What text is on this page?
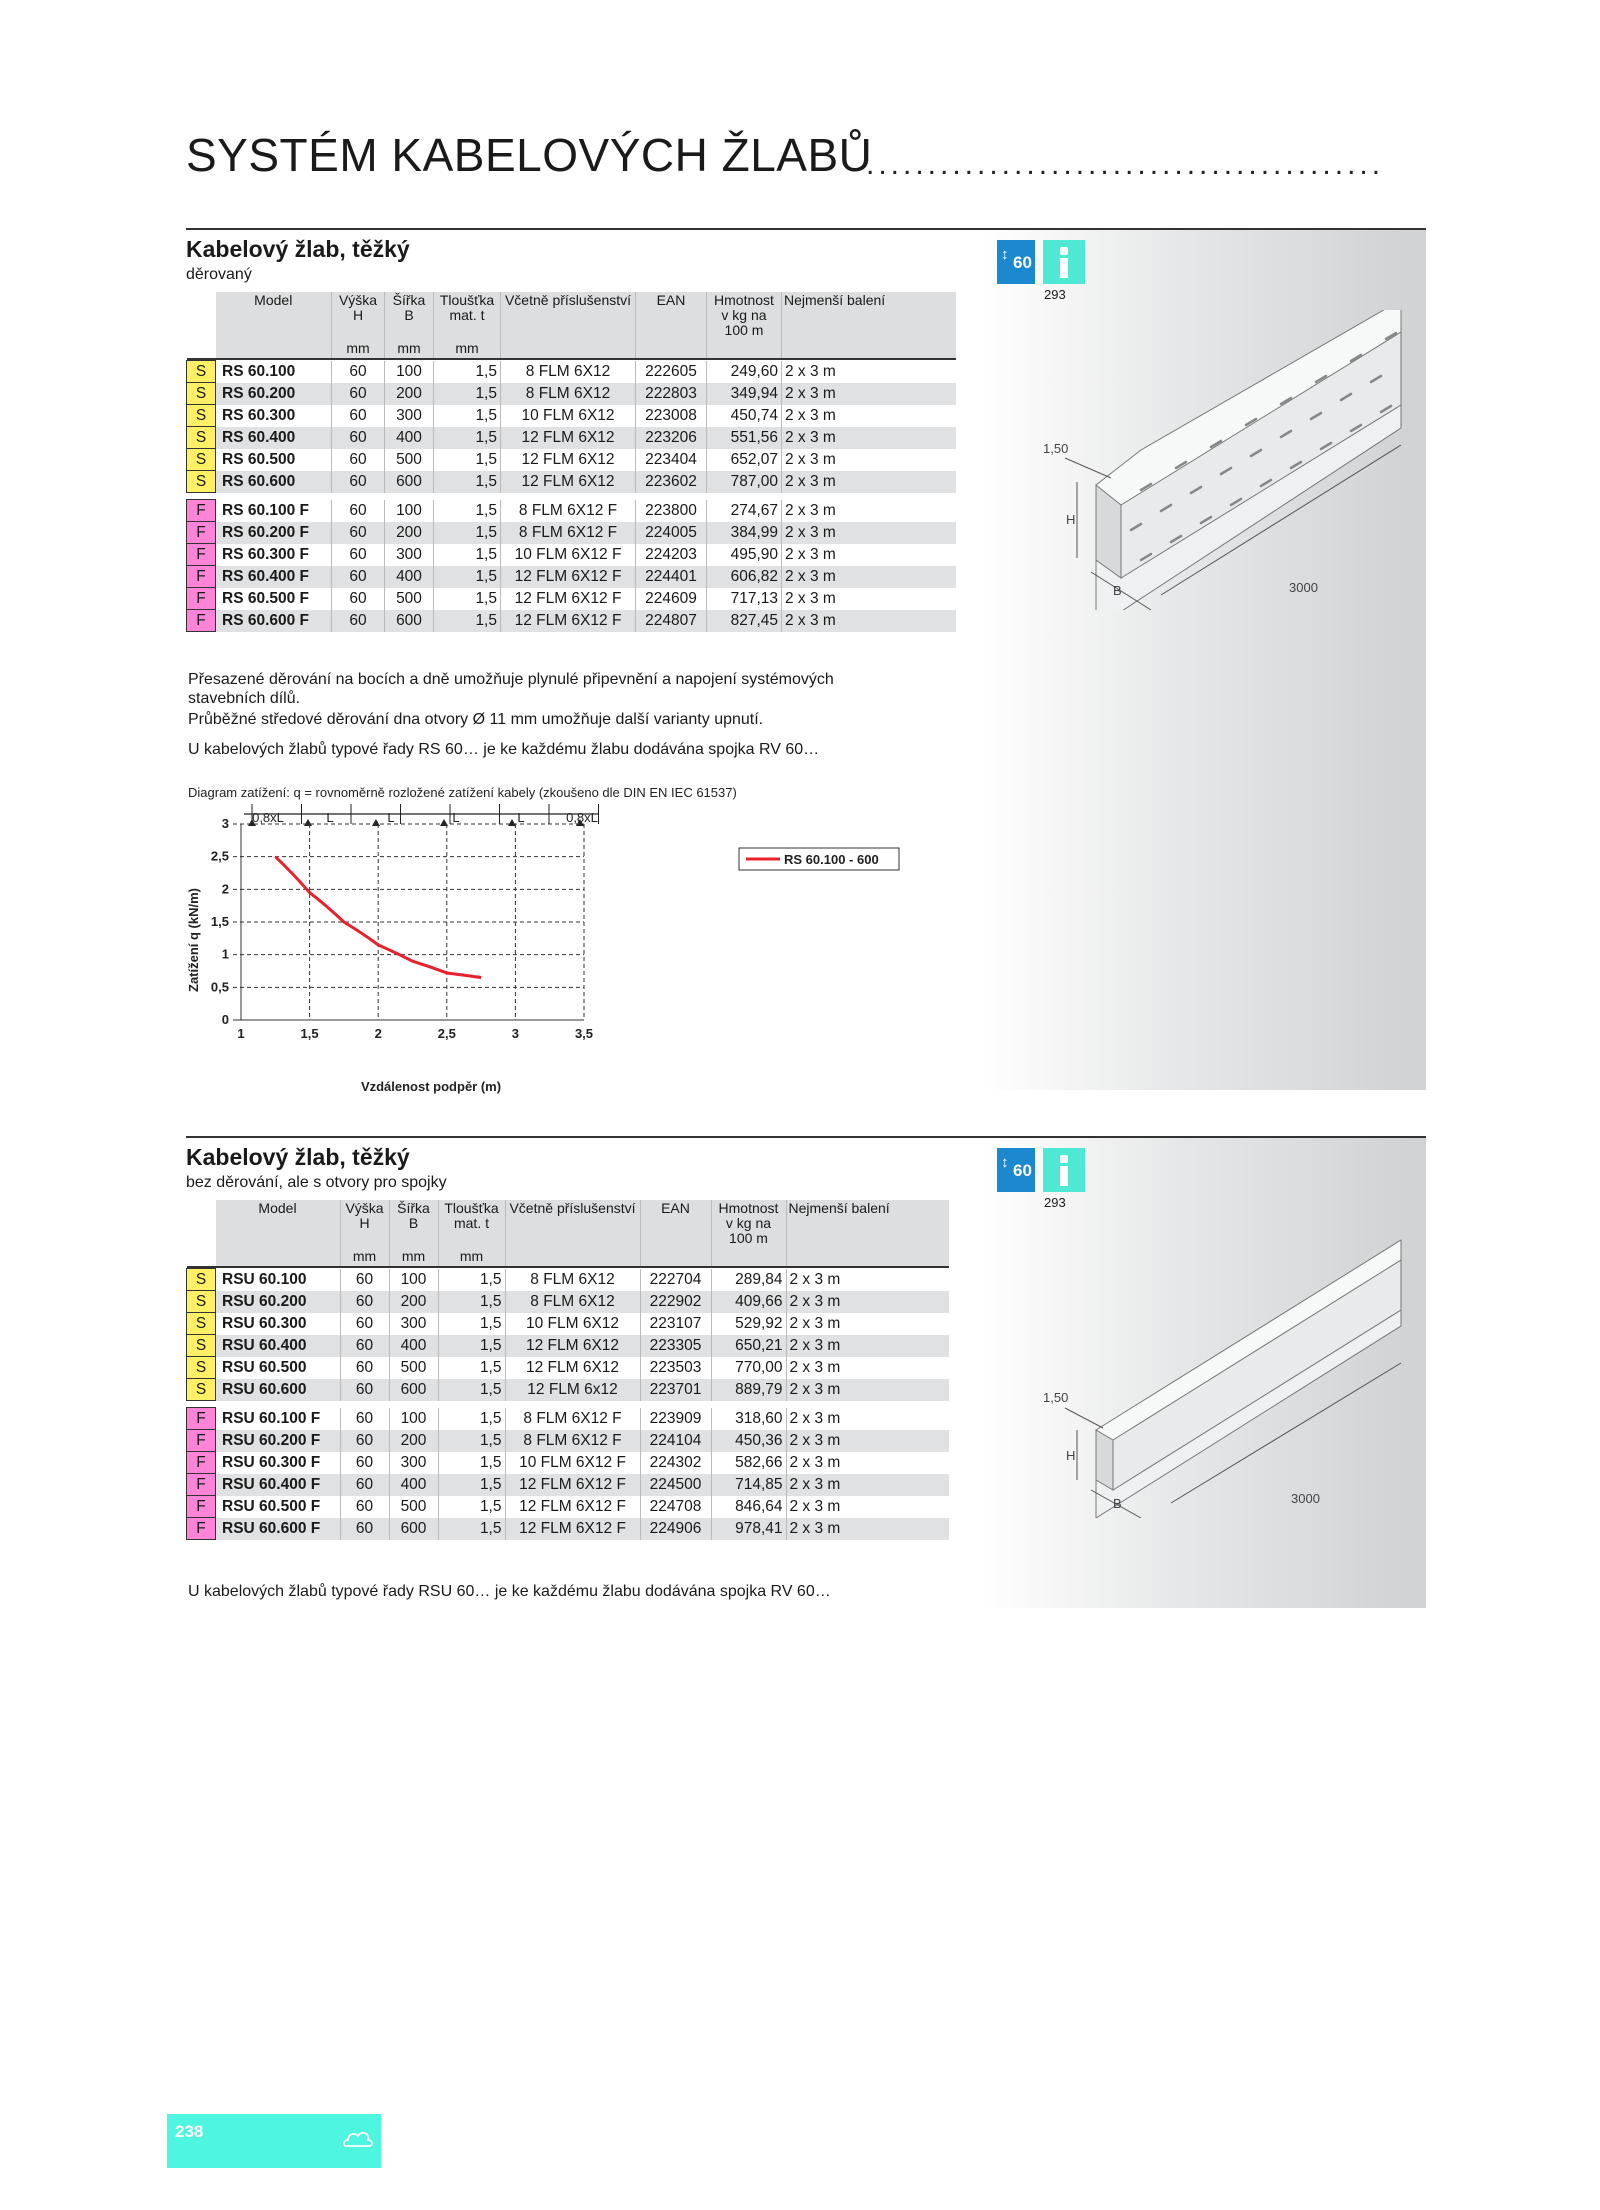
SYSTÉM KABELOVÝCH ŽLABŮ
..........................................
↕ 60
293
1,50
H
B	3000
Kabelový žlab, těžký
děrovaný
	Model	Výška H	Šířka B	Tloušťka mat. t	Včetně příslušenství	EAN	Hmotnost v kg na 100 m	Nejmenší balení
		mm	mm	mm				

S	RS 60.100	60	100	1,5	8 FLM 6X12	222605	249,60	2 x 3 m
S	RS 60.200	60	200	1,5	8 FLM 6X12	222803	349,94	2 x 3 m
S	RS 60.300	60	300	1,5	10 FLM 6X12	223008	450,74	2 x 3 m
S	RS 60.400	60	400	1,5	12 FLM 6X12	223206	551,56	2 x 3 m
S	RS 60.500	60	500	1,5	12 FLM 6X12	223404	652,07	2 x 3 m
S	RS 60.600	60	600	1,5	12 FLM 6X12	223602	787,00	2 x 3 m

F	RS 60.100 F	60	100	1,5	8 FLM 6X12 F	223800	274,67	2 x 3 m
F	RS 60.200 F	60	200	1,5	8 FLM 6X12 F	224005	384,99	2 x 3 m
F	RS 60.300 F	60	300	1,5	10 FLM 6X12 F	224203	495,90	2 x 3 m
F	RS 60.400 F	60	400	1,5	12 FLM 6X12 F	224401	606,82	2 x 3 m
F	RS 60.500 F	60	500	1,5	12 FLM 6X12 F	224609	717,13	2 x 3 m
F	RS 60.600 F	60	600	1,5	12 FLM 6X12 F	224807	827,45	2 x 3 m
Přesazené děrování na bocích a dně umožňuje plynulé připevnění a napojení systémových stavebních dílů.
Průběžné středové děrování dna otvory Ø 11 mm umožňuje další varianty upnutí.
U kabelových žlabů typové řady RS 60… je ke každému žlabu dodávána spojka RV 60…
Diagram zatížení: q = rovnoměrně rozložené zatížení kabely (zkoušeno dle DIN EN IEC 61537)
0,8xL	L	L	L	L	0,8xL
1	1,5	2	2,5	3	3,5
0
0,5
1
1,5
2
2,5
3
RS 60.100 - 600
Vzdálenost podpěr (m)
Zatížení q (kN/m)
↕ 60
293
1,50
H
B	3000
Kabelový žlab, těžký
bez děrování, ale s otvory pro spojky
	Model	Výška H	Šířka B	Tloušťka mat. t	Včetně příslušenství	EAN	Hmotnost v kg na 100 m	Nejmenší balení
		mm	mm	mm				

S	RSU 60.100	60	100	1,5	8 FLM 6X12	222704	289,84	2 x 3 m
S	RSU 60.200	60	200	1,5	8 FLM 6X12	222902	409,66	2 x 3 m
S	RSU 60.300	60	300	1,5	10 FLM 6X12	223107	529,92	2 x 3 m
S	RSU 60.400	60	400	1,5	12 FLM 6X12	223305	650,21	2 x 3 m
S	RSU 60.500	60	500	1,5	12 FLM 6X12	223503	770,00	2 x 3 m
S	RSU 60.600	60	600	1,5	12 FLM 6x12	223701	889,79	2 x 3 m

F	RSU 60.100 F	60	100	1,5	8 FLM 6X12 F	223909	318,60	2 x 3 m
F	RSU 60.200 F	60	200	1,5	8 FLM 6X12 F	224104	450,36	2 x 3 m
F	RSU 60.300 F	60	300	1,5	10 FLM 6X12 F	224302	582,66	2 x 3 m
F	RSU 60.400 F	60	400	1,5	12 FLM 6X12 F	224500	714,85	2 x 3 m
F	RSU 60.500 F	60	500	1,5	12 FLM 6X12 F	224708	846,64	2 x 3 m
F	RSU 60.600 F	60	600	1,5	12 FLM 6X12 F	224906	978,41	2 x 3 m
U kabelových žlabů typové řady RSU 60… je ke každému žlabu dodávána spojka RV 60…
238
